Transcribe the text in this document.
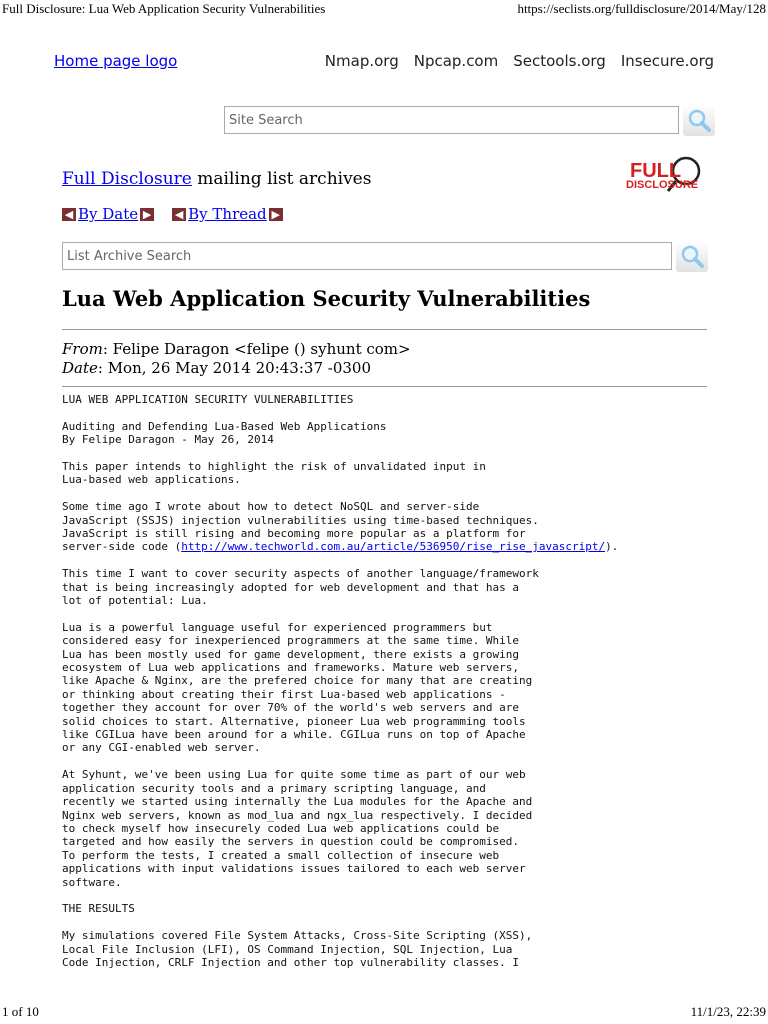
Full Disclosure: Lua Web Application Security Vulnerabilities	https://seclists.org/fulldisclosure/2014/May/128
Home page logo	Nmap.org Npcap.com Sectools.org Insecure.org
Site Search
Full Disclosure mailing list archives	FULL
DISCLOSURE
◀ By Date ▶ ◀ By Thread ▶
List Archive Search
Lua Web Application Security Vulnerabilities
From: Felipe Daragon <felipe () syhunt com>
Date: Mon, 26 May 2014 20:43:37 -0300
LUA WEB APPLICATION SECURITY VULNERABILITIES
Auditing and Defending Lua-Based Web Applications
By Felipe Daragon - May 26, 2014
This paper intends to highlight the risk of unvalidated input in
Lua-based web applications.
Some time ago I wrote about how to detect NoSQL and server-side
JavaScript (SSJS) injection vulnerabilities using time-based techniques.
JavaScript is still rising and becoming more popular as a platform for
server-side code (http://www.techworld.com.au/article/536950/rise_rise_javascript/).
This time I want to cover security aspects of another language/framework
that is being increasingly adopted for web development and that has a
lot of potential: Lua.
Lua is a powerful language useful for experienced programmers but
considered easy for inexperienced programmers at the same time. While
Lua has been mostly used for game development, there exists a growing
ecosystem of Lua web applications and frameworks. Mature web servers,
like Apache & Nginx, are the prefered choice for many that are creating
or thinking about creating their first Lua-based web applications -
together they account for over 70% of the world's web servers and are
solid choices to start. Alternative, pioneer Lua web programming tools
like CGILua have been around for a while. CGILua runs on top of Apache
or any CGI-enabled web server.
At Syhunt, we've been using Lua for quite some time as part of our web
application security tools and a primary scripting language, and
recently we started using internally the Lua modules for the Apache and
Nginx web servers, known as mod_lua and ngx_lua respectively. I decided
to check myself how insecurely coded Lua web applications could be
targeted and how easily the servers in question could be compromised.
To perform the tests, I created a small collection of insecure web
applications with input validations issues tailored to each web server
software.
THE RESULTS
My simulations covered File System Attacks, Cross-Site Scripting (XSS),
Local File Inclusion (LFI), OS Command Injection, SQL Injection, Lua
Code Injection, CRLF Injection and other top vulnerability classes. I
1 of 10	11/1/23, 22:39
